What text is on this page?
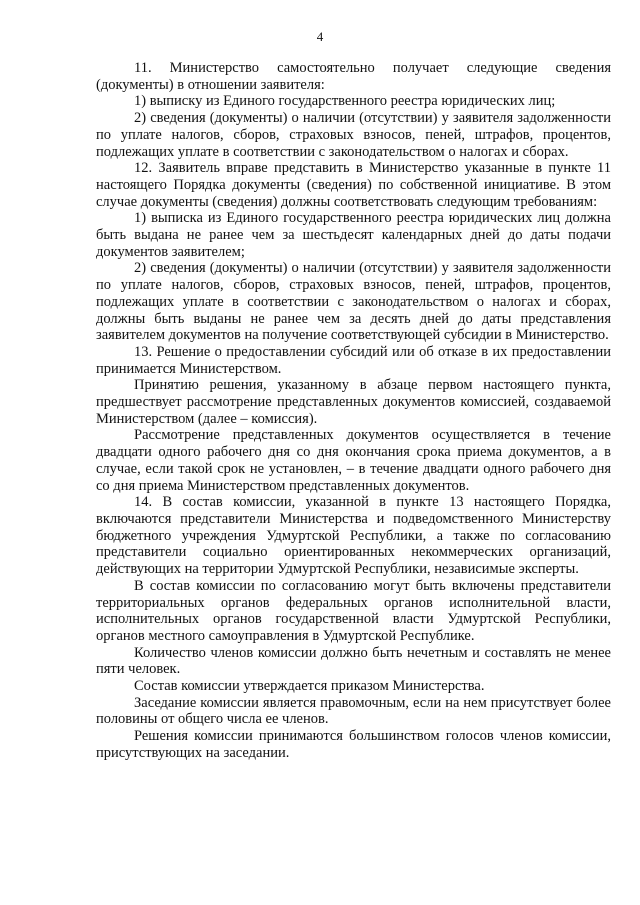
4

11. Министерство самостоятельно получает следующие сведения (документы) в отношении заявителя:

1) выписку из Единого государственного реестра юридических лиц;

2) сведения (документы) о наличии (отсутствии) у заявителя задолженности по уплате налогов, сборов, страховых взносов, пеней, штрафов, процентов, подлежащих уплате в соответствии с законодательством о налогах и сборах.

12. Заявитель вправе представить в Министерство указанные в пункте 11 настоящего Порядка документы (сведения) по собственной инициативе. В этом случае документы (сведения) должны соответствовать следующим требованиям:

1) выписка из Единого государственного реестра юридических лиц должна быть выдана не ранее чем за шестьдесят календарных дней до даты подачи документов заявителем;

2) сведения (документы) о наличии (отсутствии) у заявителя задолженности по уплате налогов, сборов, страховых взносов, пеней, штрафов, процентов, подлежащих уплате в соответствии с законодательством о налогах и сборах, должны быть выданы не ранее чем за десять дней до даты представления заявителем документов на получение соответствующей субсидии в Министерство.

13. Решение о предоставлении субсидий или об отказе в их предоставлении принимается Министерством.

Принятию решения, указанному в абзаце первом настоящего пункта, предшествует рассмотрение представленных документов комиссией, создаваемой Министерством (далее – комиссия).

Рассмотрение представленных документов осуществляется в течение двадцати одного рабочего дня со дня окончания срока приема документов, а в случае, если такой срок не установлен, – в течение двадцати одного рабочего дня со дня приема Министерством представленных документов.

14. В состав комиссии, указанной в пункте 13 настоящего Порядка, включаются представители Министерства и подведомственного Министерству бюджетного учреждения Удмуртской Республики, а также по согласованию представители социально ориентированных некоммерческих организаций, действующих на территории Удмуртской Республики, независимые эксперты.

В состав комиссии по согласованию могут быть включены представители территориальных органов федеральных органов исполнительной власти, исполнительных органов государственной власти Удмуртской Республики, органов местного самоуправления в Удмуртской Республике.

Количество членов комиссии должно быть нечетным и составлять не менее пяти человек.

Состав комиссии утверждается приказом Министерства.

Заседание комиссии является правомочным, если на нем присутствует более половины от общего числа ее членов.

Решения комиссии принимаются большинством голосов членов комиссии, присутствующих на заседании.
